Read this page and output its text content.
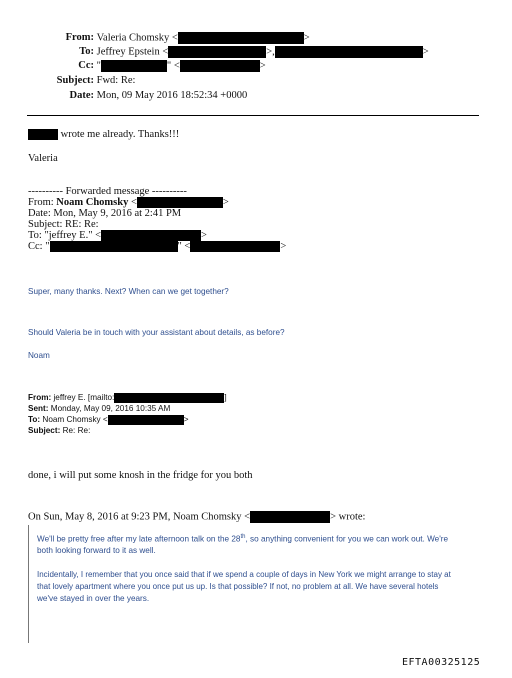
From: Valeria Chomsky <	>
To: Jeffrey Epstein <	>,	>
Cc: "	" <	>
Subject: Fwd: Re:
Date: Mon, 09 May 2016 18:52:34 +0000
wrote me already. Thanks!!!
Valeria
---------- Forwarded message ----------
From: Noam Chomsky <	>
Date: Mon, May 9, 2016 at 2:41 PM
Subject: RE: Re:
To: "jeffrey E." <	>
Cc: "	" <	>
Super, many thanks. Next? When can we get together?
Should Valeria be in touch with your assistant about details, as before?
Noam
From: jeffrey E. [mailto:	]
Sent: Monday, May 09, 2016 10:35 AM
To: Noam Chomsky <	>
Subject: Re: Re:
done, i will put some knosh in the fridge for you both
On Sun, May 8, 2016 at 9:23 PM, Noam Chomsky <	> wrote:
We'll be pretty free after my late afternoon talk on the 28th, so anything convenient for you we can work out. We're
both looking forward to it as well.
Incidentally, I remember that you once said that if we spend a couple of days in New York we might arrange to stay at
that lovely apartment where you once put us up. Is that possible? If not, no problem at all. We have several hotels
we've stayed in over the years.
EFTA00325125
